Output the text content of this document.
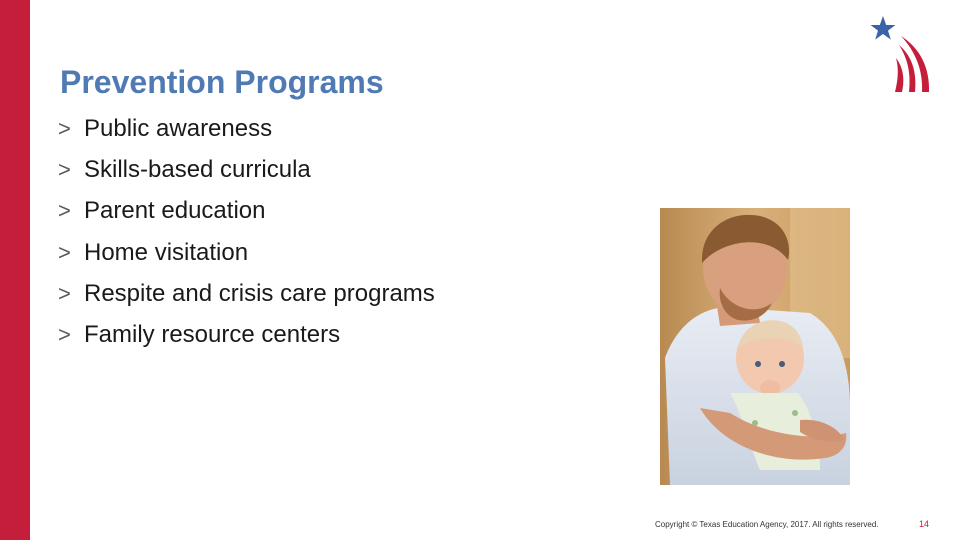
Prevention Programs
> Public awareness
> Skills-based curricula
> Parent education
> Home visitation
> Respite and crisis care programs
> Family resource centers
Copyright © Texas Education Agency, 2017. All rights reserved.	14
